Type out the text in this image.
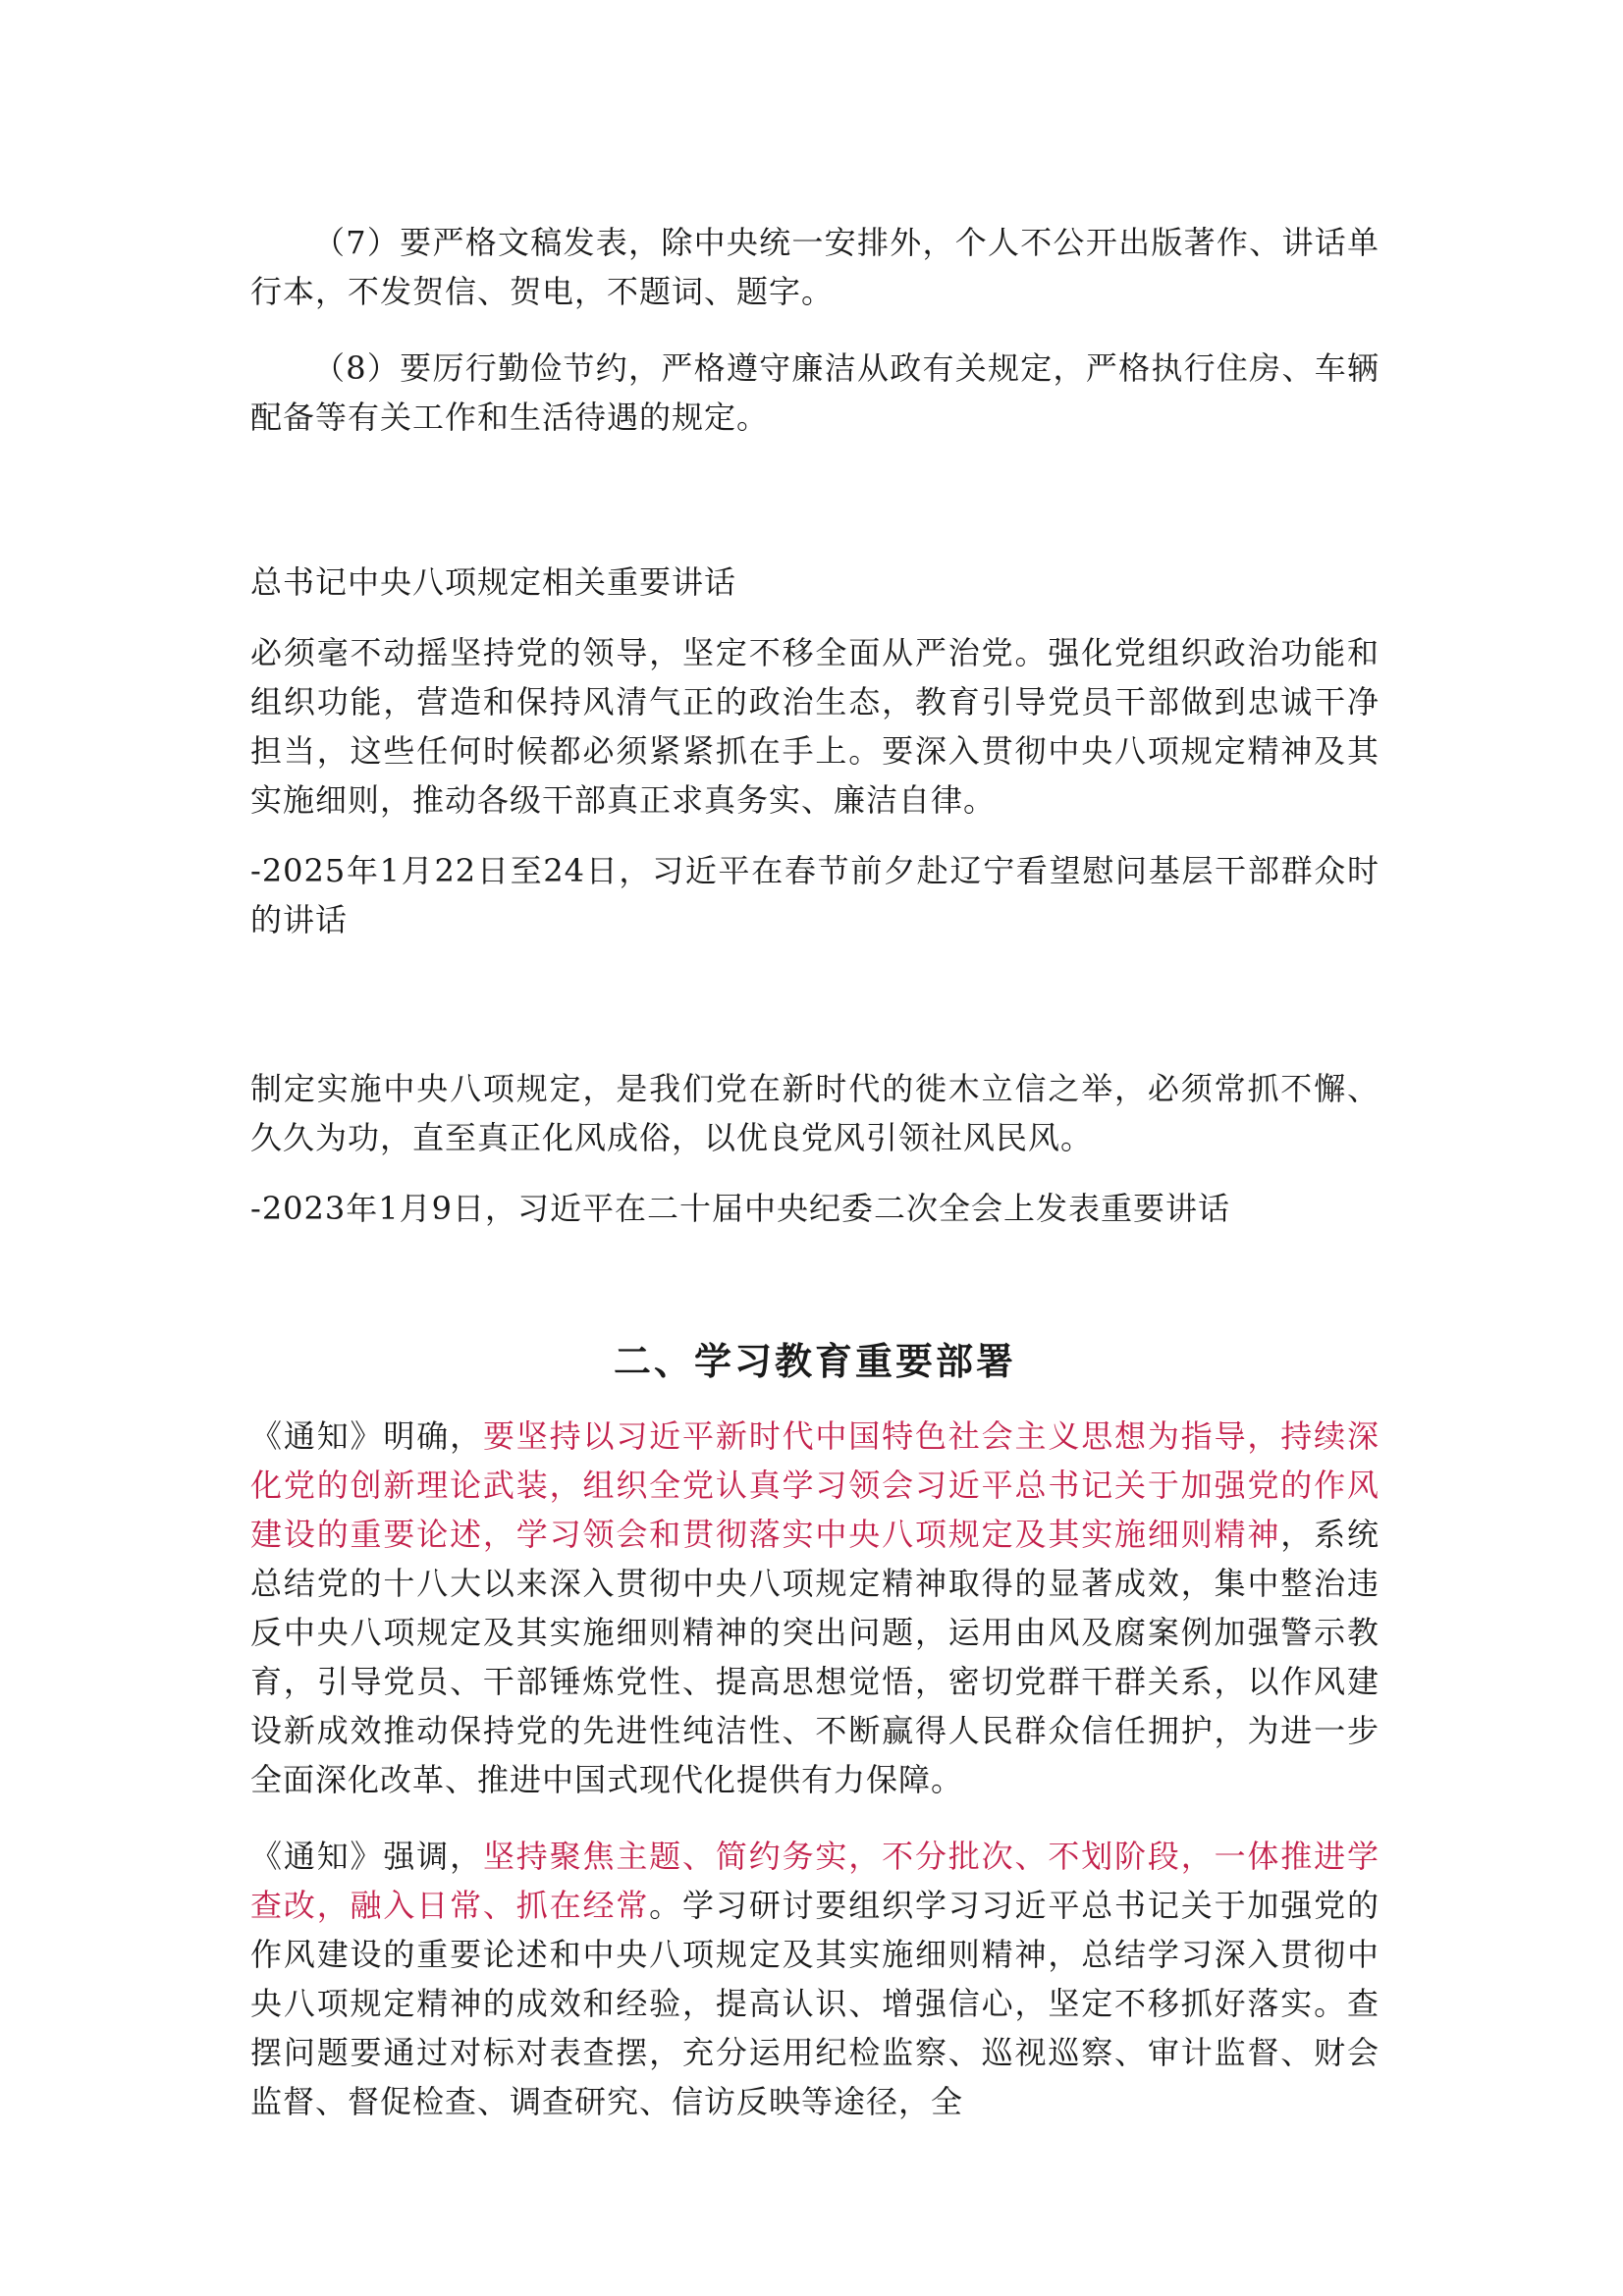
（7）要严格文稿发表，除中央统一安排外，个人不公开出版著作、讲话单行本，不发贺信、贺电，不题词、题字。

（8）要厉行勤俭节约，严格遵守廉洁从政有关规定，严格执行住房、车辆配备等有关工作和生活待遇的规定。

总书记中央八项规定相关重要讲话

必须毫不动摇坚持党的领导，坚定不移全面从严治党。强化党组织政治功能和组织功能，营造和保持风清气正的政治生态，教育引导党员干部做到忠诚干净担当，这些任何时候都必须紧紧抓在手上。要深入贯彻中央八项规定精神及其实施细则，推动各级干部真正求真务实、廉洁自律。

-2025年1月22日至24日，习近平在春节前夕赴辽宁看望慰问基层干部群众时的讲话

制定实施中央八项规定，是我们党在新时代的徙木立信之举，必须常抓不懈、久久为功，直至真正化风成俗，以优良党风引领社风民风。

-2023年1月9日，习近平在二十届中央纪委二次全会上发表重要讲话

二、学习教育重要部署

《通知》明确，要坚持以习近平新时代中国特色社会主义思想为指导，持续深化党的创新理论武装，组织全党认真学习领会习近平总书记关于加强党的作风建设的重要论述，学习领会和贯彻落实中央八项规定及其实施细则精神，系统总结党的十八大以来深入贯彻中央八项规定精神取得的显著成效，集中整治违反中央八项规定及其实施细则精神的突出问题，运用由风及腐案例加强警示教育，引导党员、干部锤炼党性、提高思想觉悟，密切党群干群关系，以作风建设新成效推动保持党的先进性纯洁性、不断赢得人民群众信任拥护，为进一步全面深化改革、推进中国式现代化提供有力保障。

《通知》强调，坚持聚焦主题、简约务实，不分批次、不划阶段，一体推进学查改，融入日常、抓在经常。学习研讨要组织学习习近平总书记关于加强党的作风建设的重要论述和中央八项规定及其实施细则精神，总结学习深入贯彻中央八项规定精神的成效和经验，提高认识、增强信心，坚定不移抓好落实。查摆问题要通过对标对表查摆，充分运用纪检监察、巡视巡察、审计监督、财会监督、督促检查、调查研究、信访反映等途径，全
